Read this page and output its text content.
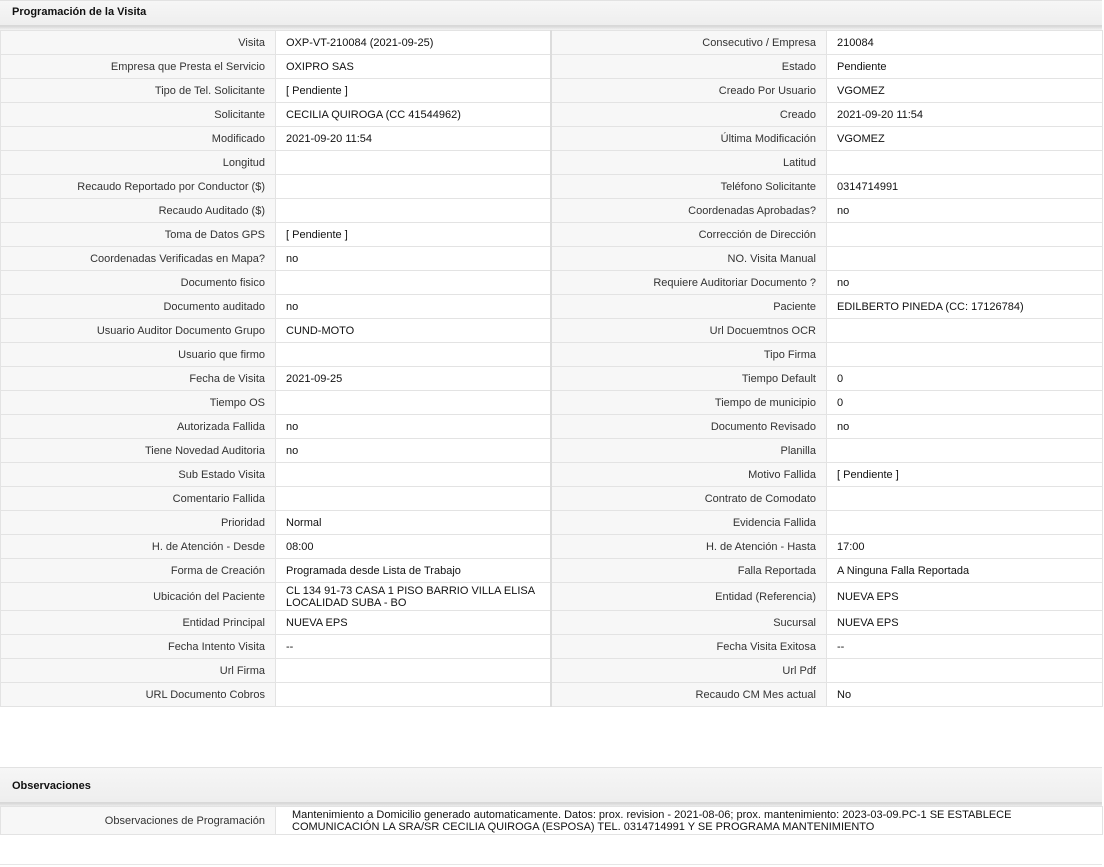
Programación de la Visita
Visita	OXP-VT-210084 (2021-09-25)	Consecutivo / Empresa	210084
Empresa que Presta el Servicio	OXIPRO SAS	Estado	Pendiente
Tipo de Tel. Solicitante	[ Pendiente ]	Creado Por Usuario	VGOMEZ
Solicitante	CECILIA QUIROGA (CC 41544962)	Creado	2021-09-20 11:54
Modificado	2021-09-20 11:54	Última Modificación	VGOMEZ
Longitud		Latitud	
Recaudo Reportado por Conductor ($)		Teléfono Solicitante	0314714991
Recaudo Auditado ($)		Coordenadas Aprobadas?	no
Toma de Datos GPS	[ Pendiente ]	Corrección de Dirección	
Coordenadas Verificadas en Mapa?	no	NO. Visita Manual	
Documento fisico		Requiere Auditoriar Documento ?	no
Documento auditado	no	Paciente	EDILBERTO PINEDA (CC: 17126784)
Usuario Auditor Documento Grupo	CUND-MOTO	Url Docuemtnos OCR	
Usuario que firmo		Tipo Firma	
Fecha de Visita	2021-09-25	Tiempo Default	0
Tiempo OS		Tiempo de municipio	0
Autorizada Fallida	no	Documento Revisado	no
Tiene Novedad Auditoria	no	Planilla	
Sub Estado Visita		Motivo Fallida	[ Pendiente ]
Comentario Fallida		Contrato de Comodato	
Prioridad	Normal	Evidencia Fallida	
H. de Atención - Desde	08:00	H. de Atención - Hasta	17:00
Forma de Creación	Programada desde Lista de Trabajo	Falla Reportada	A Ninguna Falla Reportada
Ubicación del Paciente	CL 134 91-73 CASA 1 PISO BARRIO VILLA ELISA LOCALIDAD SUBA - BO	Entidad (Referencia)	NUEVA EPS
Entidad Principal	NUEVA EPS	Sucursal	NUEVA EPS
Fecha Intento Visita	--	Fecha Visita Exitosa	--
Url Firma		Url Pdf	
URL Documento Cobros		Recaudo CM Mes actual	No
Observaciones
Observaciones de Programación	Mantenimiento a Domicilio generado automaticamente. Datos: prox. revision - 2021-08-06; prox. mantenimiento: 2023-03-09.PC-1 SE ESTABLECE COMUNICACIÓN LA SRA/SR CECILIA QUIROGA (ESPOSA) TEL. 0314714991 Y SE PROGRAMA MANTENIMIENTO
